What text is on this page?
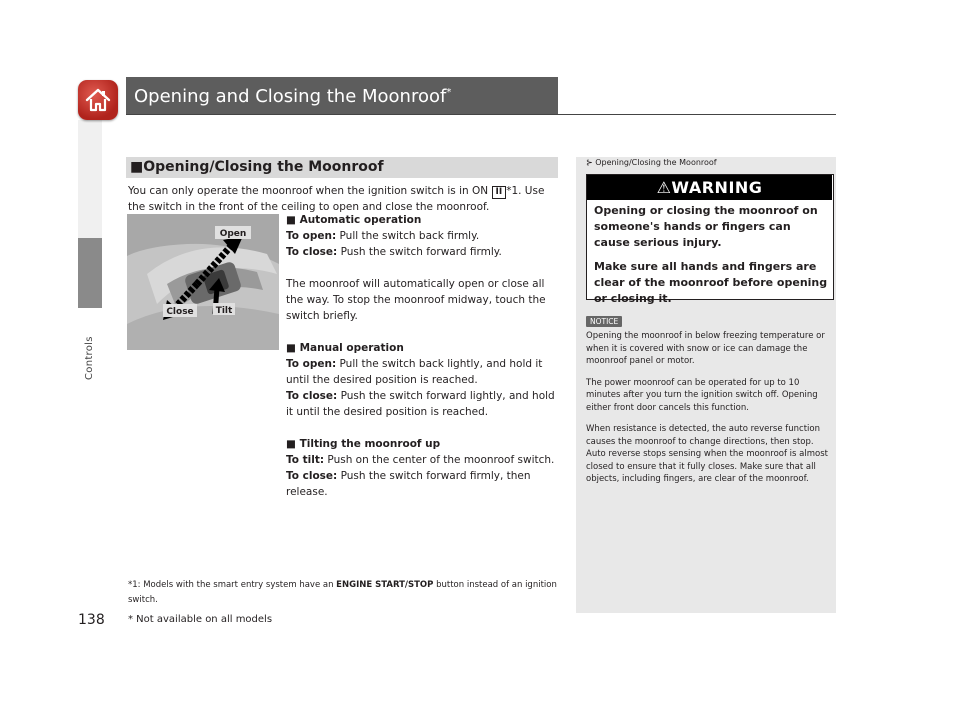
Controls
138
Opening and Closing the Moonroof*
■Opening/Closing the Moonroof
You can only operate the moonroof when the ignition switch is in ON II *1. Use the switch in the front of the ceiling to open and close the moonroof.
Open
Close Tilt

■ Automatic operation

To open: Pull the switch back firmly.

To close: Push the switch forward firmly.

The moonroof will automatically open or close all the way. To stop the moonroof midway, touch the switch briefly.

■ Manual operation

To open: Pull the switch back lightly, and hold it until the desired position is reached.

To close: Push the switch forward lightly, and hold it until the desired position is reached.

■ Tilting the moonroof up

To tilt: Push on the center of the moonroof switch.

To close: Push the switch forward firmly, then release.

*1: Models with the smart entry system have an ENGINE START/STOP button instead of an ignition switch.
* Not available on all models
⊱ Opening/Closing the Moonroof
⚠WARNING

Opening or closing the moonroof on someone's hands or fingers can cause serious injury.

Make sure all hands and fingers are clear of the moonroof before opening or closing it.

NOTICE

Opening the moonroof in below freezing temperature or when it is covered with snow or ice can damage the moonroof panel or motor.

The power moonroof can be operated for up to 10 minutes after you turn the ignition switch off. Opening either front door cancels this function.

When resistance is detected, the auto reverse function causes the moonroof to change directions, then stop. Auto reverse stops sensing when the moonroof is almost closed to ensure that it fully closes. Make sure that all objects, including fingers, are clear of the moonroof.
